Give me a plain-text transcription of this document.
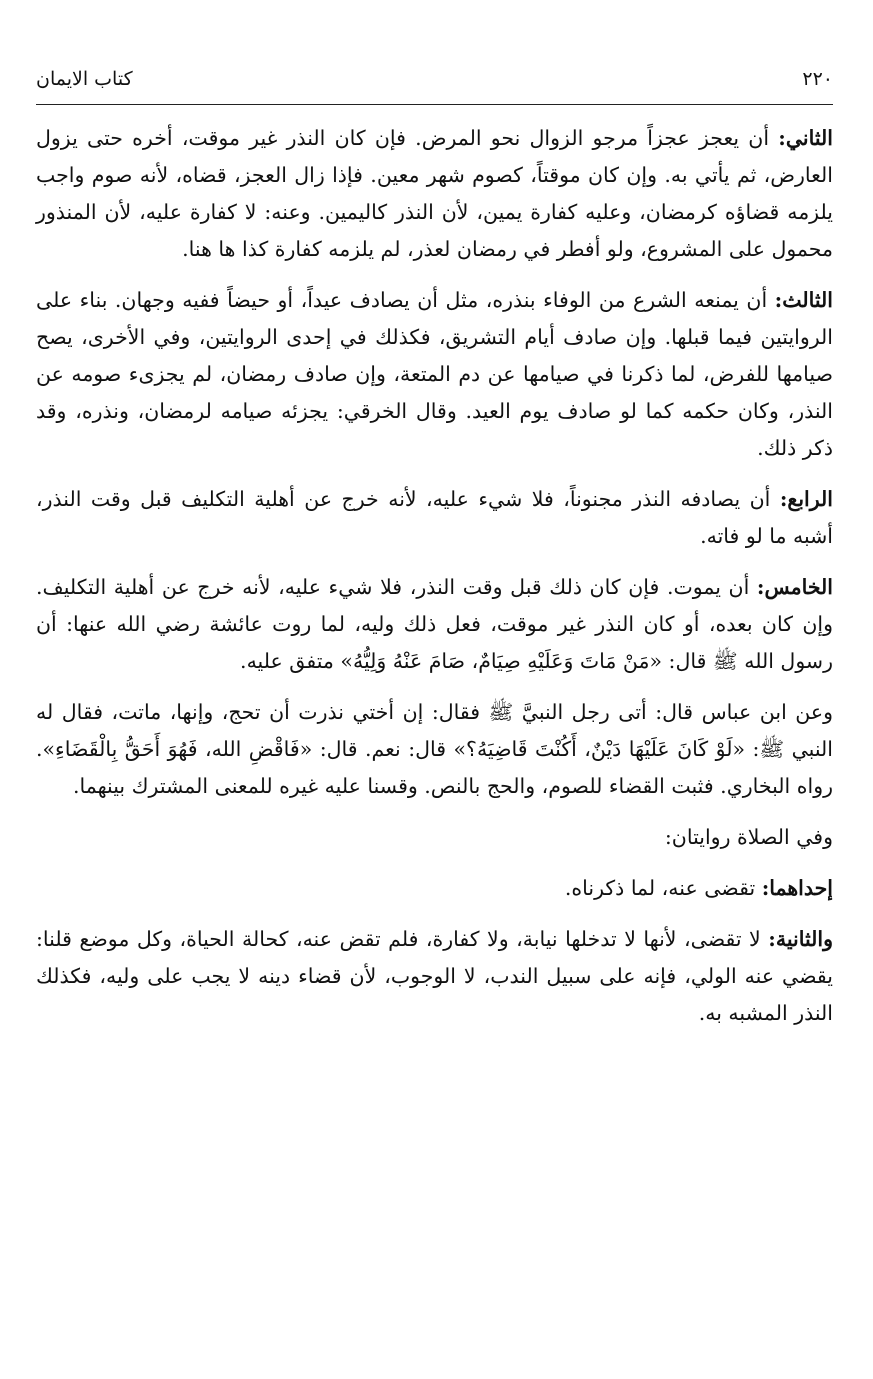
٢٢٠
كتاب الايمان

الثاني: أن يعجز عجزاً مرجو الزوال نحو المرض. فإن كان النذر غير موقت، أخره حتى يزول العارض، ثم يأتي به. وإن كان موقتاً، كصوم شهر معين. فإذا زال العجز، قضاه، لأنه صوم واجب يلزمه قضاؤه كرمضان، وعليه كفارة يمين، لأن النذر كاليمين. وعنه: لا كفارة عليه، لأن المنذور محمول على المشروع، ولو أفطر في رمضان لعذر، لم يلزمه كفارة كذا ها هنا.

الثالث: أن يمنعه الشرع من الوفاء بنذره، مثل أن يصادف عيداً، أو حيضاً ففيه وجهان. بناء على الروايتين فيما قبلها. وإن صادف أيام التشريق، فكذلك في إحدى الروايتين، وفي الأخرى، يصح صيامها للفرض، لما ذكرنا في صيامها عن دم المتعة، وإن صادف رمضان، لم يجزىء صومه عن النذر، وكان حكمه كما لو صادف يوم العيد. وقال الخرقي: يجزئه صيامه لرمضان، ونذره، وقد ذكر ذلك.

الرابع: أن يصادفه النذر مجنوناً، فلا شيء عليه، لأنه خرج عن أهلية التكليف قبل وقت النذر، أشبه ما لو فاته.

الخامس: أن يموت. فإن كان ذلك قبل وقت النذر، فلا شيء عليه، لأنه خرج عن أهلية التكليف. وإن كان بعده، أو كان النذر غير موقت، فعل ذلك وليه، لما روت عائشة رضي الله عنها: أن رسول الله ﷺ قال: «مَنْ مَاتَ وَعَلَيْهِ صِيَامٌ، صَامَ عَنْهُ وَلِيُّهُ» متفق عليه.

وعن ابن عباس قال: أتى رجل النبيَّ ﷺ فقال: إن أختي نذرت أن تحج، وإنها، ماتت، فقال له النبي ﷺ: «لَوْ كَانَ عَلَيْهَا دَيْنٌ، أَكُنْتَ قَاضِيَهُ؟» قال: نعم. قال: «فَاقْضِ الله، فَهُوَ أَحَقُّ بِالْقَضَاءِ». رواه البخاري. فثبت القضاء للصوم، والحج بالنص. وقسنا عليه غيره للمعنى المشترك بينهما.

وفي الصلاة روايتان:

إحداهما: تقضى عنه، لما ذكرناه.

والثانية: لا تقضى، لأنها لا تدخلها نيابة، ولا كفارة، فلم تقض عنه، كحالة الحياة، وكل موضع قلنا: يقضي عنه الولي، فإنه على سبيل الندب، لا الوجوب، لأن قضاء دينه لا يجب على وليه، فكذلك النذر المشبه به.
